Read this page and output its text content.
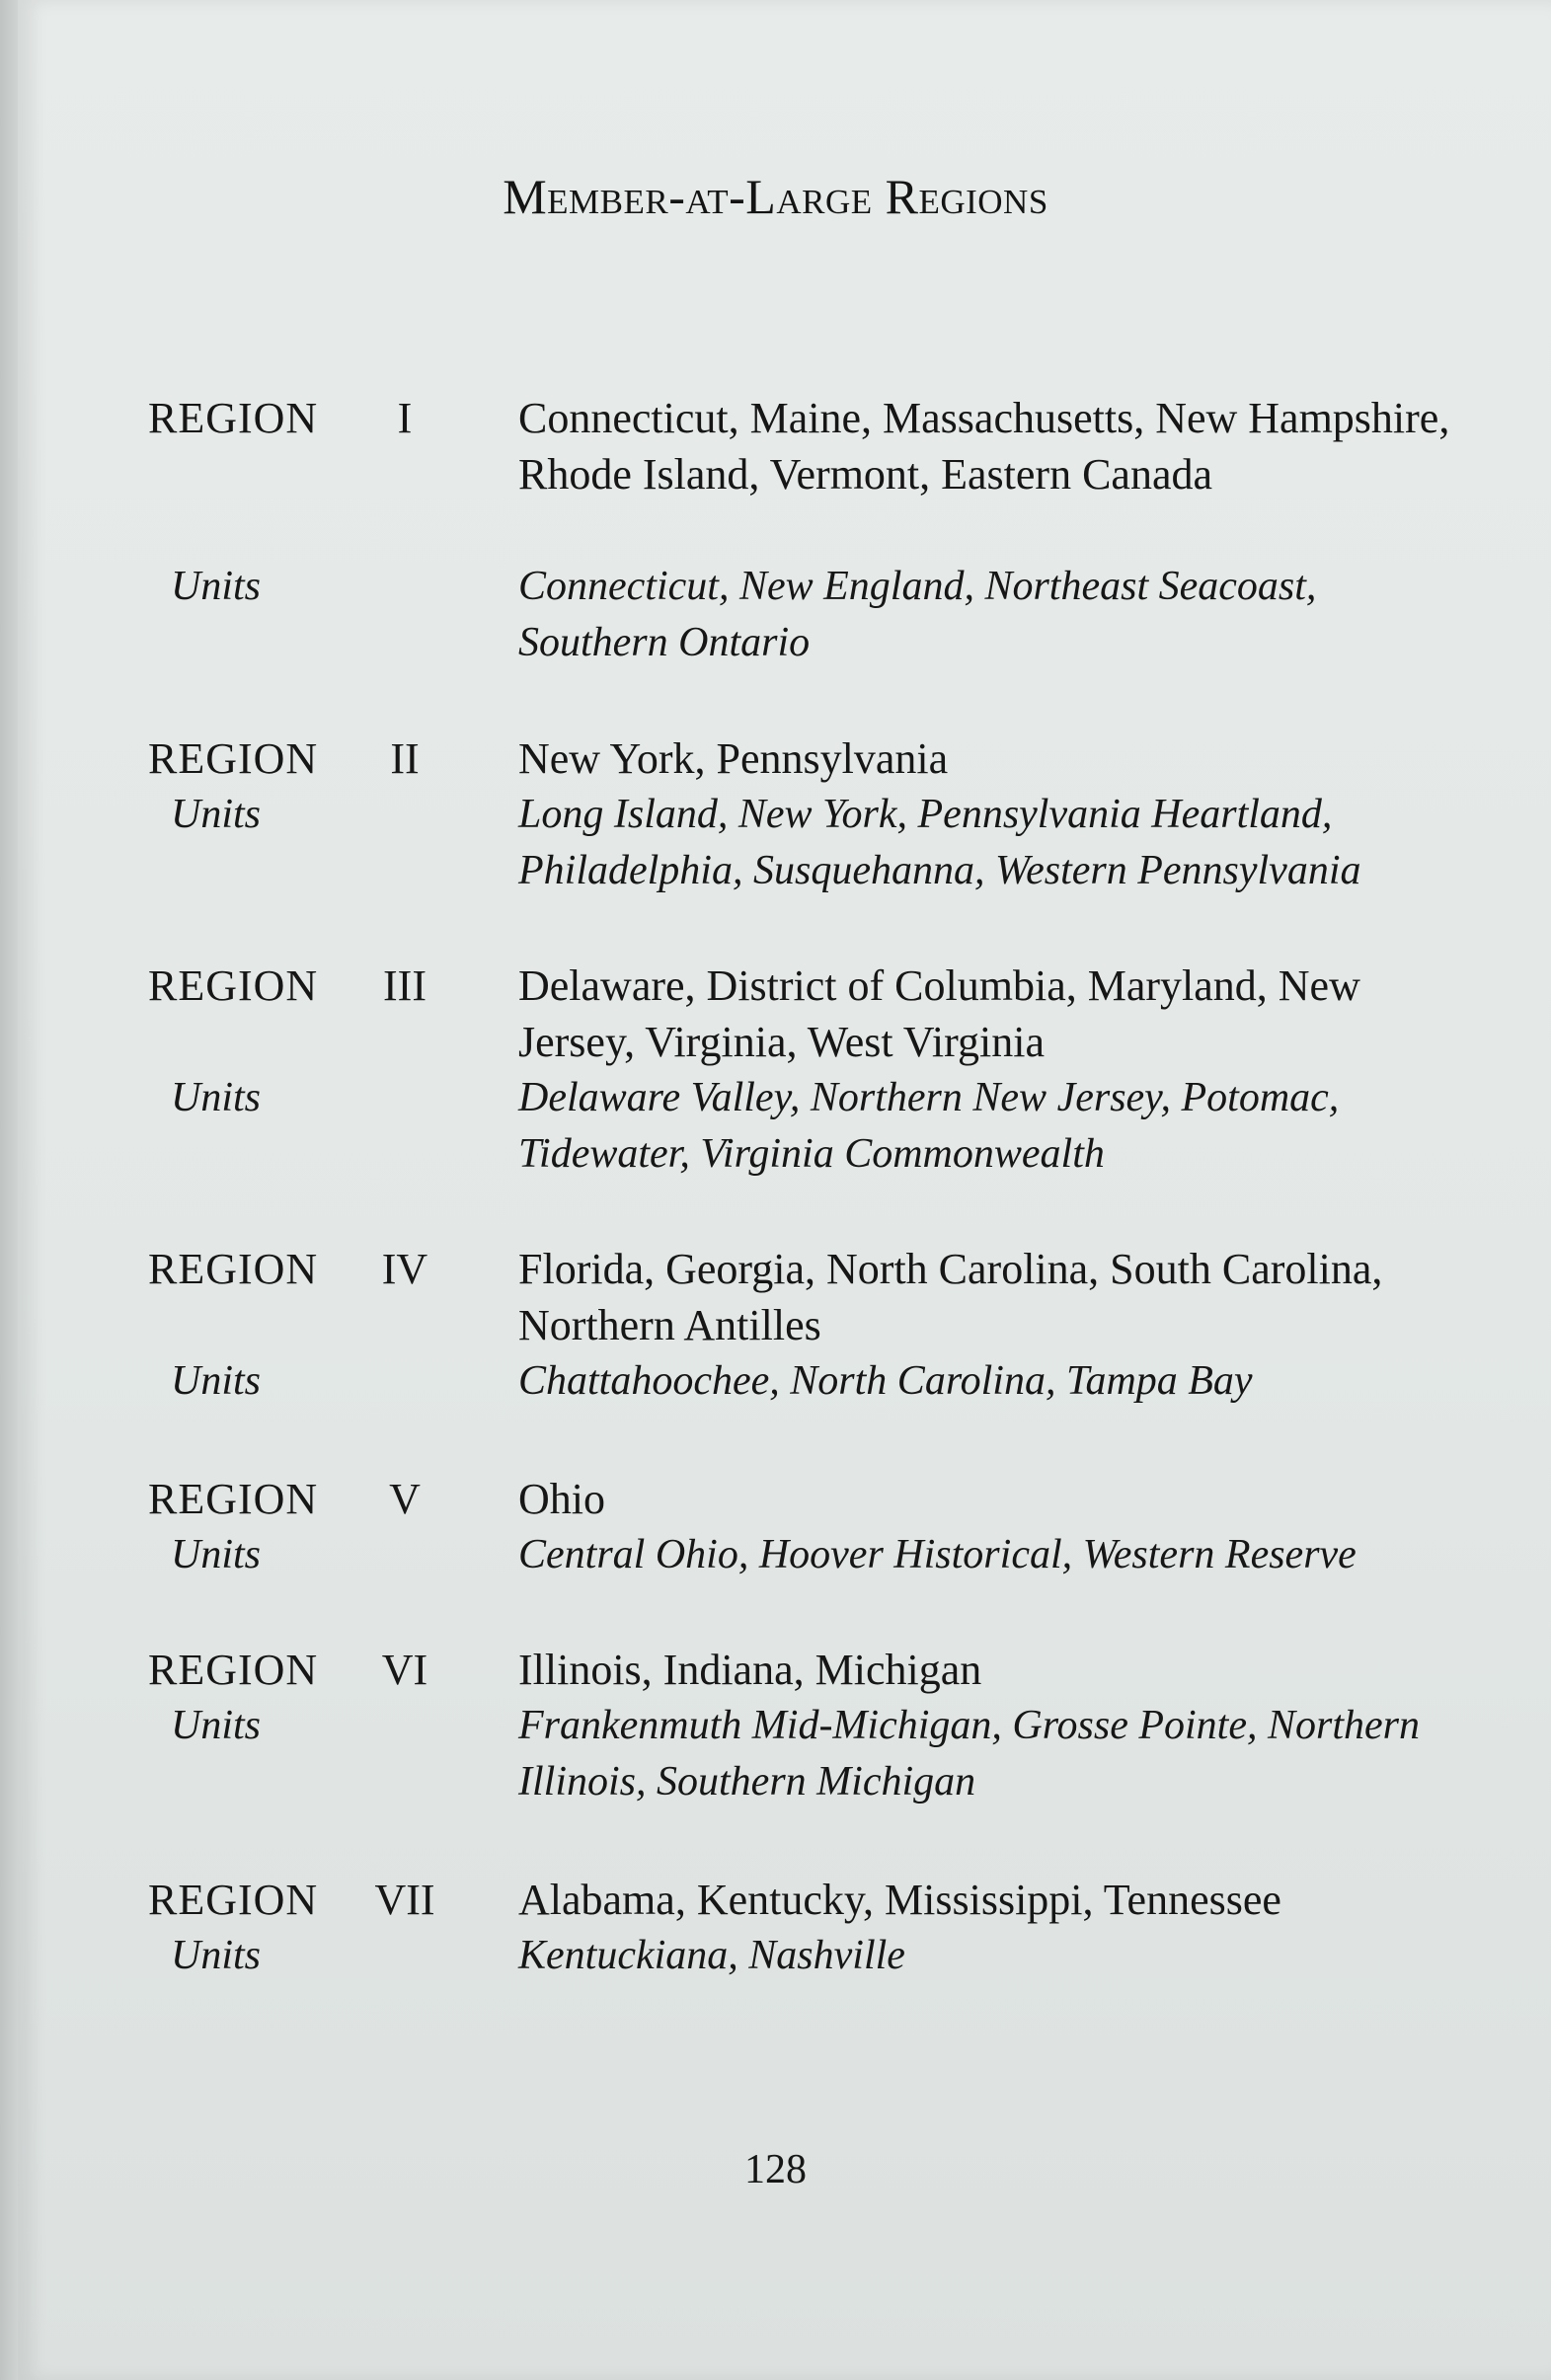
Member-at-Large Regions
REGION	I	Connecticut, Maine, Massachusetts, New Hampshire, Rhode Island, Vermont, Eastern Canada
Units	Connecticut, New England, Northeast Seacoast, Southern Ontario
REGION	II	New York, Pennsylvania
Units	Long Island, New York, Pennsylvania Heartland, Philadelphia, Susquehanna, Western Pennsylvania
REGION	III	Delaware, District of Columbia, Maryland, New Jersey, Virginia, West Virginia
Units	Delaware Valley, Northern New Jersey, Potomac, Tidewater, Virginia Commonwealth
REGION	IV	Florida, Georgia, North Carolina, South Carolina, Northern Antilles
Units	Chattahoochee, North Carolina, Tampa Bay
REGION	V	Ohio
Units	Central Ohio, Hoover Historical, Western Reserve
REGION	VI	Illinois, Indiana, Michigan
Units	Frankenmuth Mid-Michigan, Grosse Pointe, Northern Illinois, Southern Michigan
REGION	VII	Alabama, Kentucky, Mississippi, Tennessee
Units	Kentuckiana, Nashville
128
